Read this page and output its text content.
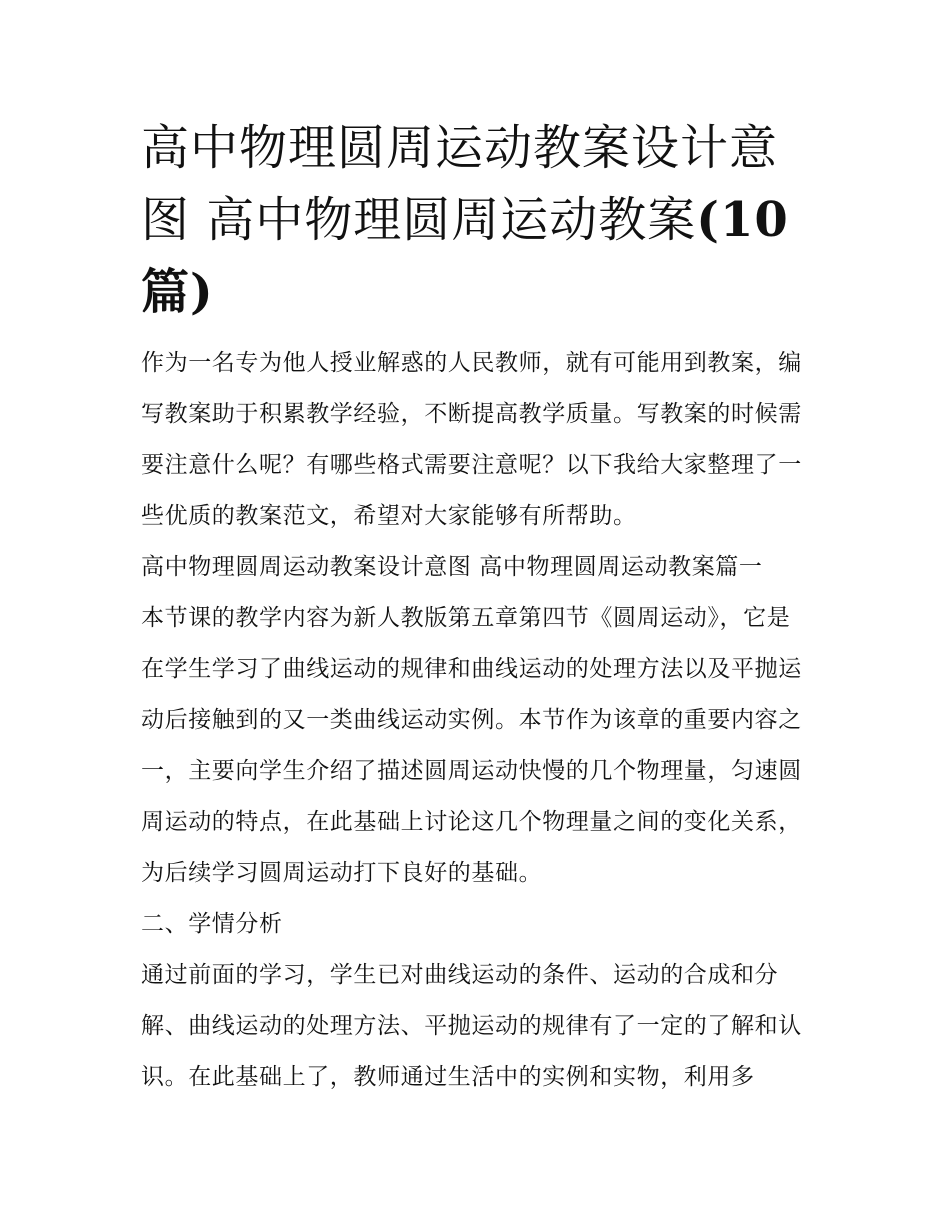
高中物理圆周运动教案设计意图 高中物理圆周运动教案(10篇)

作为一名专为他人授业解惑的人民教师，就有可能用到教案，编写教案助于积累教学经验，不断提高教学质量。写教案的时候需要注意什么呢？有哪些格式需要注意呢？以下我给大家整理了一些优质的教案范文，希望对大家能够有所帮助。

高中物理圆周运动教案设计意图 高中物理圆周运动教案篇一

本节课的教学内容为新人教版第五章第四节《圆周运动》，它是在学生学习了曲线运动的规律和曲线运动的处理方法以及平抛运动后接触到的又一类曲线运动实例。本节作为该章的重要内容之一，主要向学生介绍了描述圆周运动快慢的几个物理量，匀速圆周运动的特点，在此基础上讨论这几个物理量之间的变化关系，为后续学习圆周运动打下良好的基础。

二、学情分析

通过前面的学习，学生已对曲线运动的条件、运动的合成和分解、曲线运动的处理方法、平抛运动的规律有了一定的了解和认识。在此基础上了，教师通过生活中的实例和实物，利用多
